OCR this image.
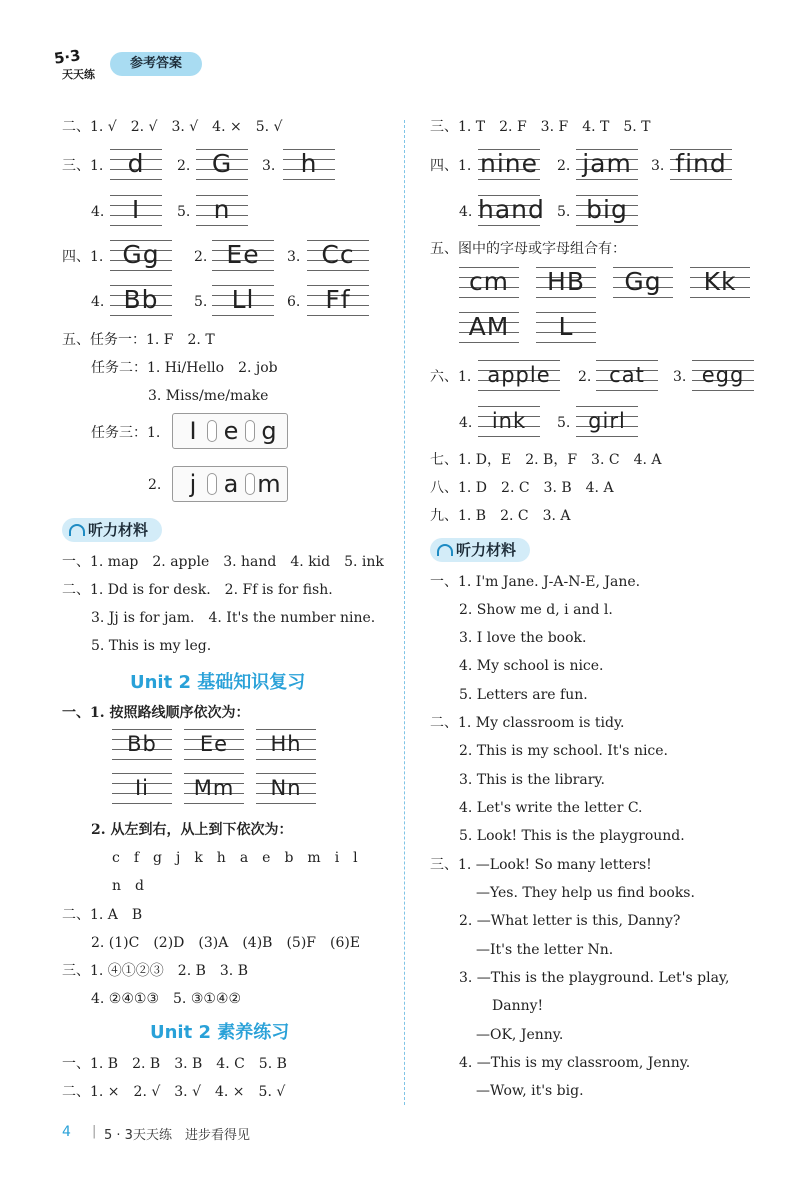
5·3
天天练
参考答案
二、1. √　2. √　3. √　4. ×　5. √
三、1. d	2. G	3.	h
4.	I	5. n
四、1. Gg	2. Ee	3. Cc
4. Bb	5. Ll	6.	Ff
五、任务一：1. F　2. T
任务二：1. Hi/Hello　2. job
3. Miss/me/make
任务三：1.	I	e g
2.	j	a m
听力材料
一、1. map　2. apple　3. hand　4. kid　5. ink
二、1. Dd is for desk.　2. Ff is for fish.
3. Jj is for jam.　4. It's the number nine.
5. This is my leg.
Unit 2 基础知识复习
一、1. 按照路线顺序依次为：
Bb	Ee	Hh
Ii	Mm	Nn
2. 从左到右，从上到下依次为：
c　f　g　j　k　h　a　e　b　m　i　l
n　d
二、1. A　B
2. (1)C　(2)D　(3)A　(4)B　(5)F　(6)E
三、1. ④①②③　2. B　3. B
4. ②④①③　5. ③①④②
Unit 2 素养练习
一、1. B　2. B　3. B　4. C　5. B
二、1. ×　2. √　3. √　4. ×　5. √
三、1. T　2. F　3. F　4. T　5. T
四、1. nine 2. jam	3. find
4. hand 5. big
五、图中的字母或字母组合有：
cm	HB	Gg	Kk
AM	L
六、1. apple	2. cat	3. egg
4. ink	5. girl
七、1. D，E　2. B，F　3. C　4. A
八、1. D　2. C　3. B　4. A
九、1. B　2. C　3. A
听力材料
一、1. I'm Jane. J-A-N-E, Jane.
2. Show me d, i and l.
3. I love the book.
4. My school is nice.
5. Letters are fun.
二、1. My classroom is tidy.
2. This is my school. It's nice.
3. This is the library.
4. Let's write the letter C.
5. Look! This is the playground.
三、1. —Look! So many letters!
—Yes. They help us find books.
2. —What letter is this, Danny?
—It's the letter Nn.
3. —This is the playground. Let's play,
Danny!
—OK, Jenny.
4. —This is my classroom, Jenny.
—Wow, it's big.
4 | 5 · 3天天练　进步看得见
